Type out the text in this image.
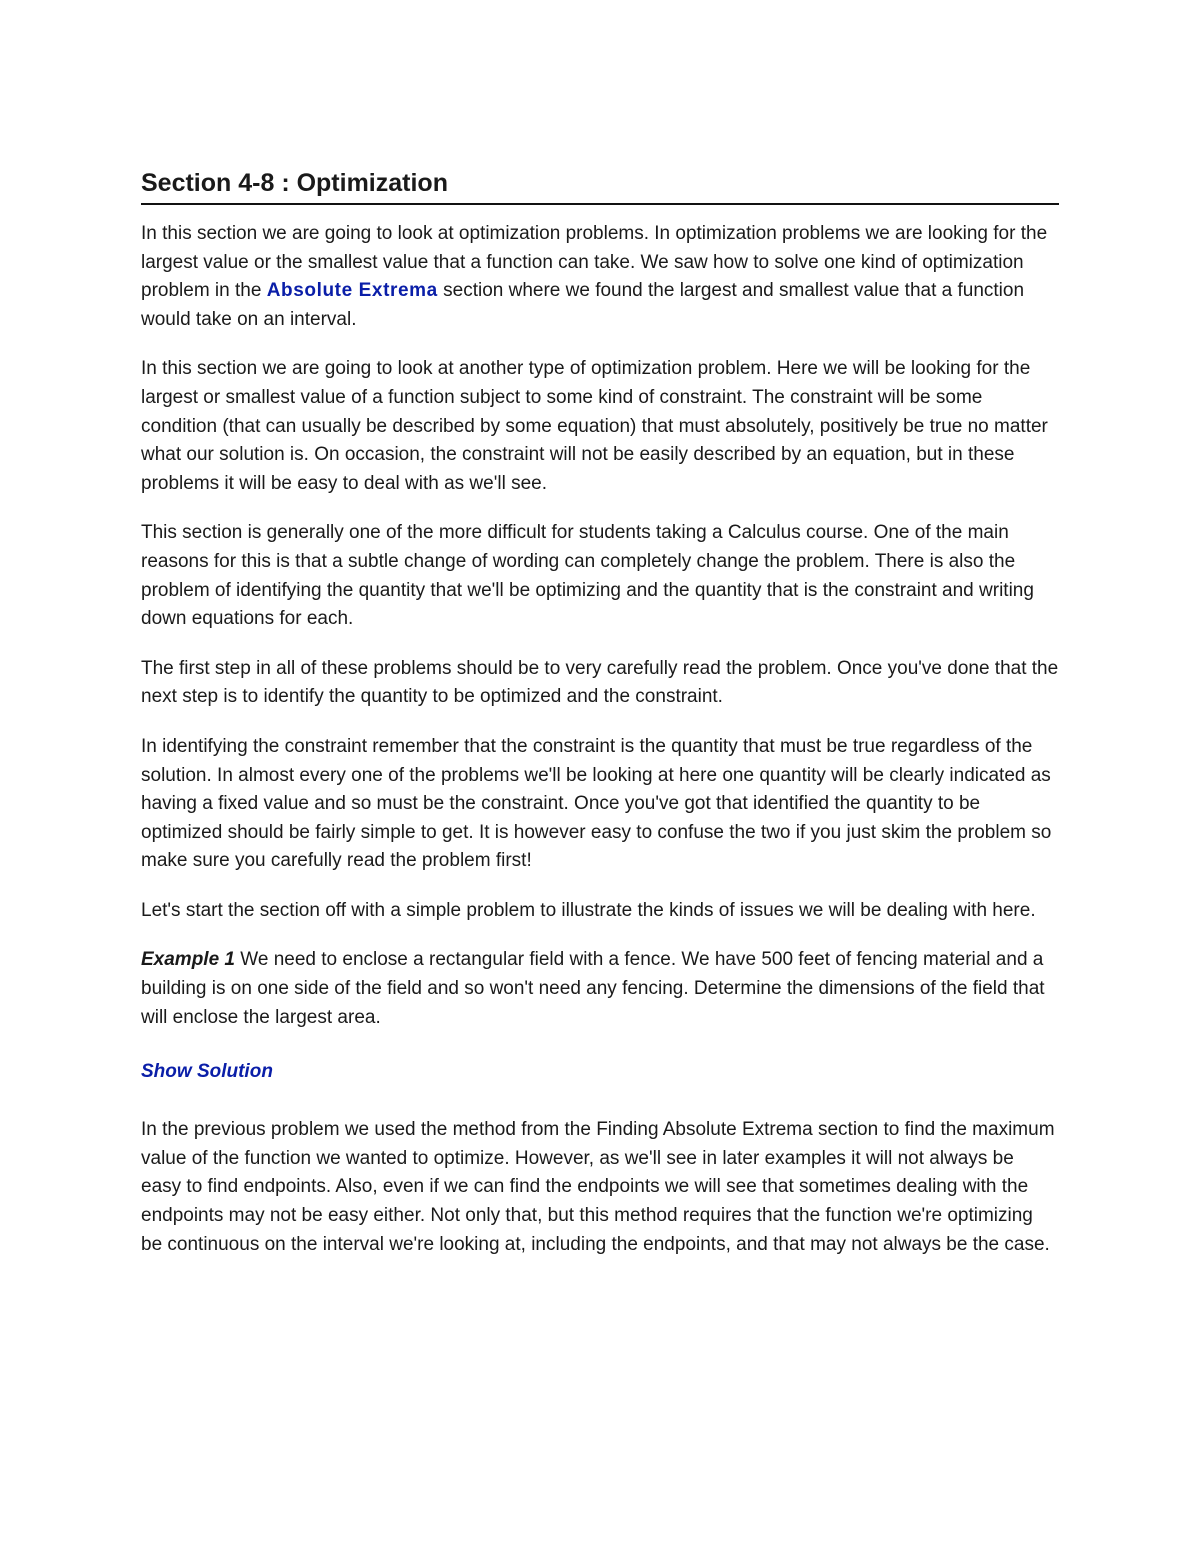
Section 4-8 : Optimization

In this section we are going to look at optimization problems. In optimization problems we are looking for the largest value or the smallest value that a function can take. We saw how to solve one kind of optimization problem in the Absolute Extrema section where we found the largest and smallest value that a function would take on an interval.

In this section we are going to look at another type of optimization problem. Here we will be looking for the largest or smallest value of a function subject to some kind of constraint. The constraint will be some condition (that can usually be described by some equation) that must absolutely, positively be true no matter what our solution is. On occasion, the constraint will not be easily described by an equation, but in these problems it will be easy to deal with as we'll see.

This section is generally one of the more difficult for students taking a Calculus course. One of the main reasons for this is that a subtle change of wording can completely change the problem. There is also the problem of identifying the quantity that we'll be optimizing and the quantity that is the constraint and writing down equations for each.

The first step in all of these problems should be to very carefully read the problem. Once you've done that the next step is to identify the quantity to be optimized and the constraint.

In identifying the constraint remember that the constraint is the quantity that must be true regardless of the solution. In almost every one of the problems we'll be looking at here one quantity will be clearly indicated as having a fixed value and so must be the constraint. Once you've got that identified the quantity to be optimized should be fairly simple to get. It is however easy to confuse the two if you just skim the problem so make sure you carefully read the problem first!

Let's start the section off with a simple problem to illustrate the kinds of issues we will be dealing with here.

Example 1 We need to enclose a rectangular field with a fence. We have 500 feet of fencing material and a building is on one side of the field and so won't need any fencing. Determine the dimensions of the field that will enclose the largest area.

Show Solution

In the previous problem we used the method from the Finding Absolute Extrema section to find the maximum value of the function we wanted to optimize. However, as we'll see in later examples it will not always be easy to find endpoints. Also, even if we can find the endpoints we will see that sometimes dealing with the endpoints may not be easy either. Not only that, but this method requires that the function we're optimizing be continuous on the interval we're looking at, including the endpoints, and that may not always be the case.
